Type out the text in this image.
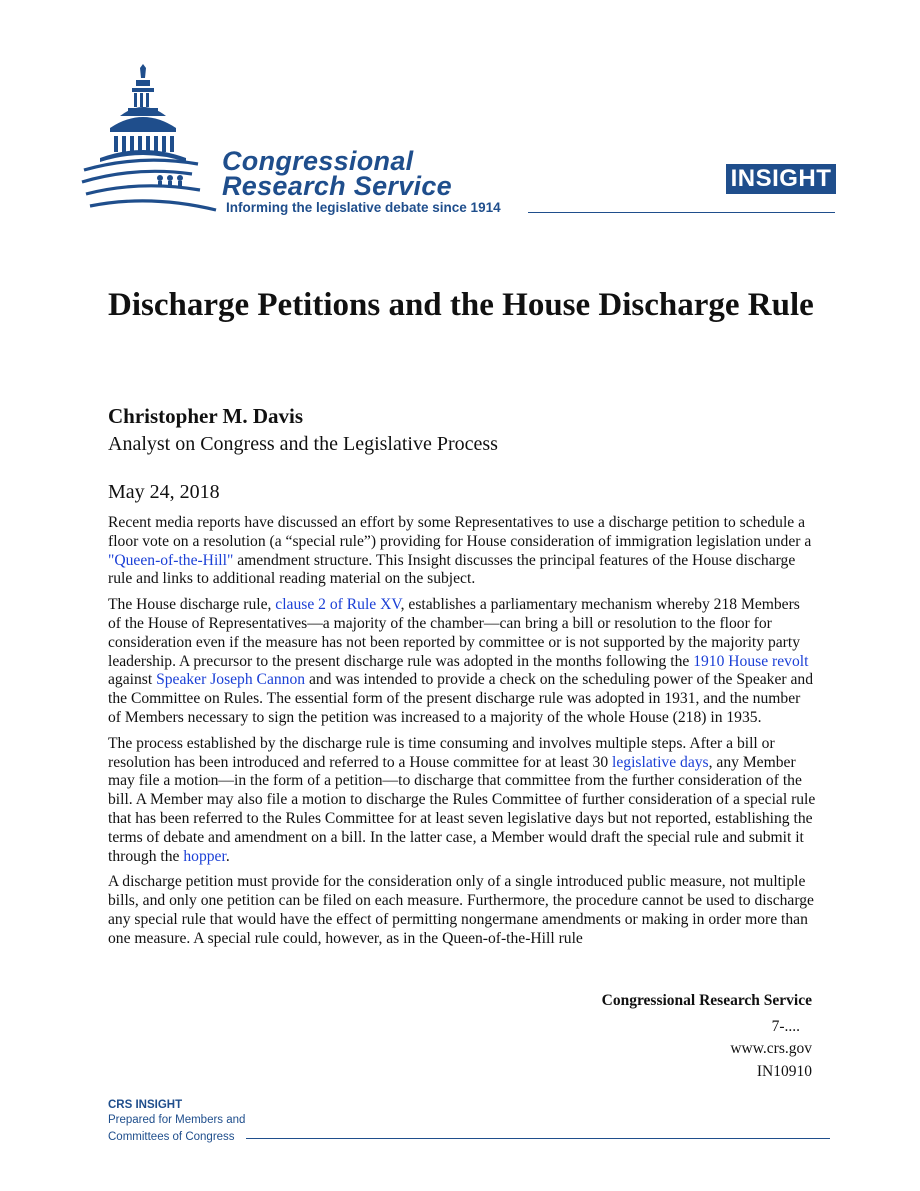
Congressional
Research Service
Informing the legislative debate since 1914
INSIGHT
Discharge Petitions and the House Discharge Rule
Christopher M. Davis
Analyst on Congress and the Legislative Process
May 24, 2018

Recent media reports have discussed an effort by some Representatives to use a discharge petition to schedule a floor vote on a resolution (a “special rule”) providing for House consideration of immigration legislation under a "Queen-of-the-Hill" amendment structure. This Insight discusses the principal features of the House discharge rule and links to additional reading material on the subject.

The House discharge rule, clause 2 of Rule XV, establishes a parliamentary mechanism whereby 218 Members of the House of Representatives—a majority of the chamber—can bring a bill or resolution to the floor for consideration even if the measure has not been reported by committee or is not supported by the majority party leadership. A precursor to the present discharge rule was adopted in the months following the 1910 House revolt against Speaker Joseph Cannon and was intended to provide a check on the scheduling power of the Speaker and the Committee on Rules. The essential form of the present discharge rule was adopted in 1931, and the number of Members necessary to sign the petition was increased to a majority of the whole House (218) in 1935.

The process established by the discharge rule is time consuming and involves multiple steps. After a bill or resolution has been introduced and referred to a House committee for at least 30 legislative days, any Member may file a motion—in the form of a petition—to discharge that committee from the further consideration of the bill. A Member may also file a motion to discharge the Rules Committee of further consideration of a special rule that has been referred to the Rules Committee for at least seven legislative days but not reported, establishing the terms of debate and amendment on a bill. In the latter case, a Member would draft the special rule and submit it through the hopper.

A discharge petition must provide for the consideration only of a single introduced public measure, not multiple bills, and only one petition can be filed on each measure. Furthermore, the procedure cannot be used to discharge any special rule that would have the effect of permitting nongermane amendments or making in order more than one measure. A special rule could, however, as in the Queen-of-the-Hill rule

Congressional Research Service
7-....
www.crs.gov
IN10910
CRS INSIGHT
Prepared for Members and
Committees of Congress
